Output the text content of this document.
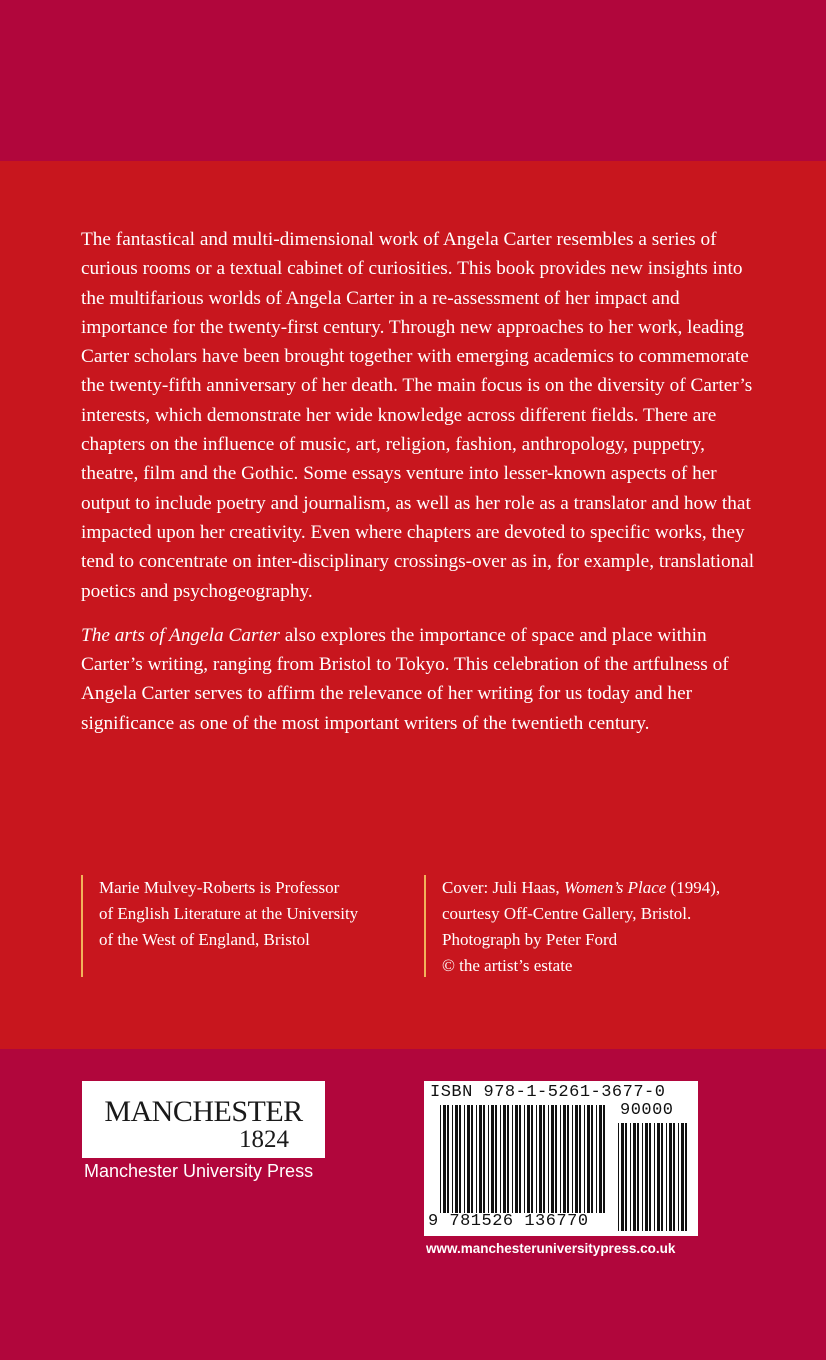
The fantastical and multi-dimensional work of Angela Carter resembles a series of curious rooms or a textual cabinet of curiosities. This book provides new insights into the multifarious worlds of Angela Carter in a re-assessment of her impact and importance for the twenty-first century. Through new approaches to her work, leading Carter scholars have been brought together with emerging academics to commemorate the twenty-fifth anniversary of her death. The main focus is on the diversity of Carter’s interests, which demonstrate her wide knowledge across different fields. There are chapters on the influence of music, art, religion, fashion, anthropology, puppetry, theatre, film and the Gothic. Some essays venture into lesser-known aspects of her output to include poetry and journalism, as well as her role as a translator and how that impacted upon her creativity. Even where chapters are devoted to specific works, they tend to concentrate on inter-disciplinary crossings-over as in, for example, translational poetics and psychogeography.

The arts of Angela Carter also explores the importance of space and place within Carter’s writing, ranging from Bristol to Tokyo. This celebration of the artfulness of Angela Carter serves to affirm the relevance of her writing for us today and her significance as one of the most important writers of the twentieth century.

Marie Mulvey-Roberts is Professor
of English Literature at the University
of the West of England, Bristol
Cover: Juli Haas, Women’s Place (1994),
courtesy Off-Centre Gallery, Bristol.
Photograph by Peter Ford
© the artist’s estate
MANCHESTER
1824
Manchester University Press
ISBN 978-1-5261-3677-0
90000
9 781526 136770
www.manchesteruniversitypress.co.uk
